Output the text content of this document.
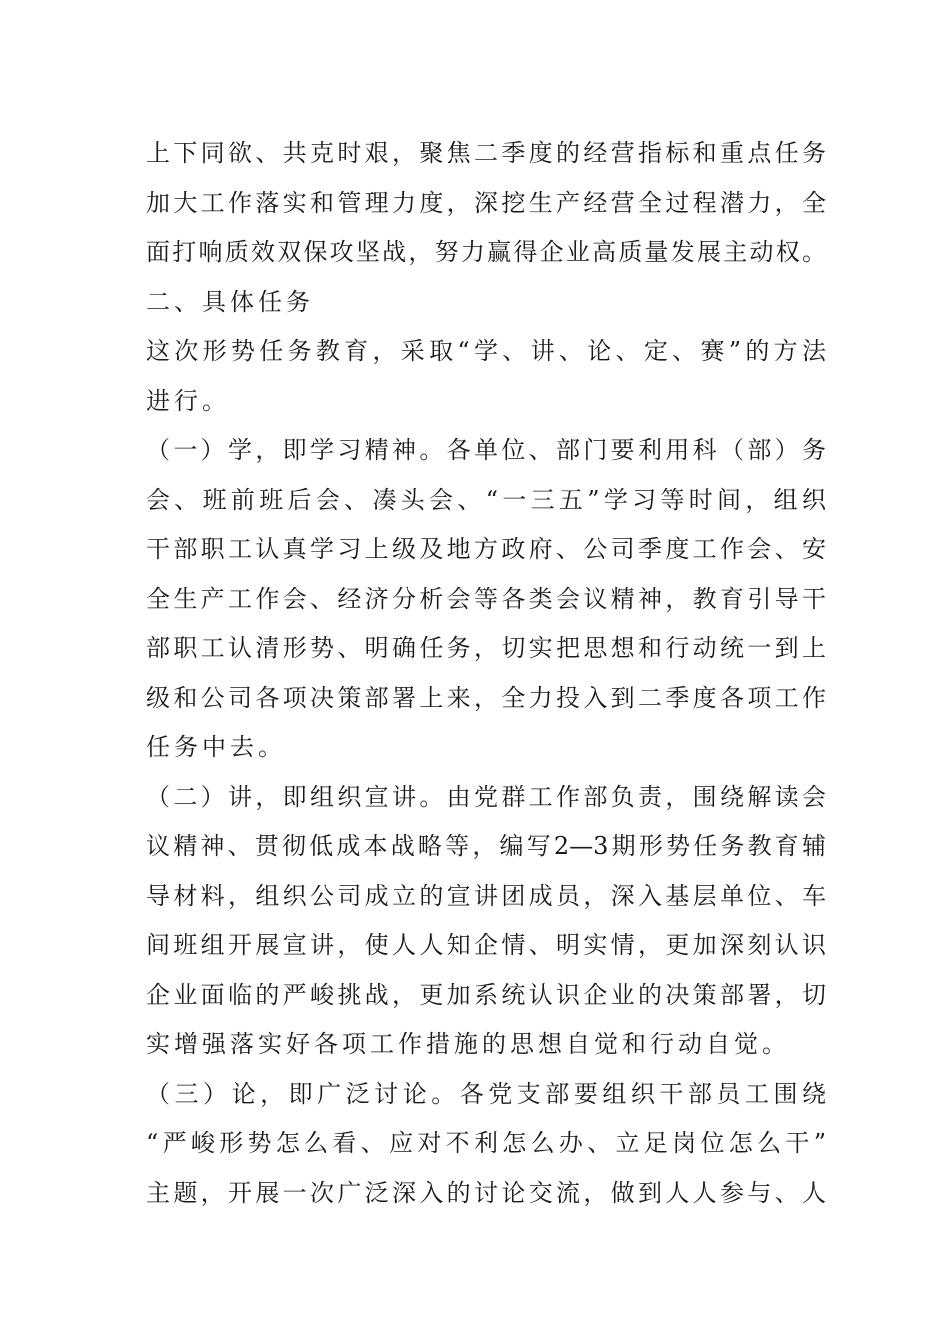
上下同欲、共克时艰，聚焦二季度的经营指标和重点任务
加大工作落实和管理力度，深挖生产经营全过程潜力，全
面打响质效双保攻坚战，努力赢得企业高质量发展主动权。
二、具体任务
这次形势任务教育，采取“学、讲、论、定、赛”的方法
进行。
（一）学，即学习精神。各单位、部门要利用科（部）务
会、班前班后会、凑头会、“一三五”学习等时间，组织
干部职工认真学习上级及地方政府、公司季度工作会、安
全生产工作会、经济分析会等各类会议精神，教育引导干
部职工认清形势、明确任务，切实把思想和行动统一到上
级和公司各项决策部署上来，全力投入到二季度各项工作
任务中去。
（二）讲，即组织宣讲。由党群工作部负责，围绕解读会
议精神、贯彻低成本战略等，编写2—3期形势任务教育辅
导材料，组织公司成立的宣讲团成员，深入基层单位、车
间班组开展宣讲，使人人知企情、明实情，更加深刻认识
企业面临的严峻挑战，更加系统认识企业的决策部署，切
实增强落实好各项工作措施的思想自觉和行动自觉。
（三）论，即广泛讨论。各党支部要组织干部员工围绕
“严峻形势怎么看、应对不利怎么办、立足岗位怎么干”
主题，开展一次广泛深入的讨论交流，做到人人参与、人
